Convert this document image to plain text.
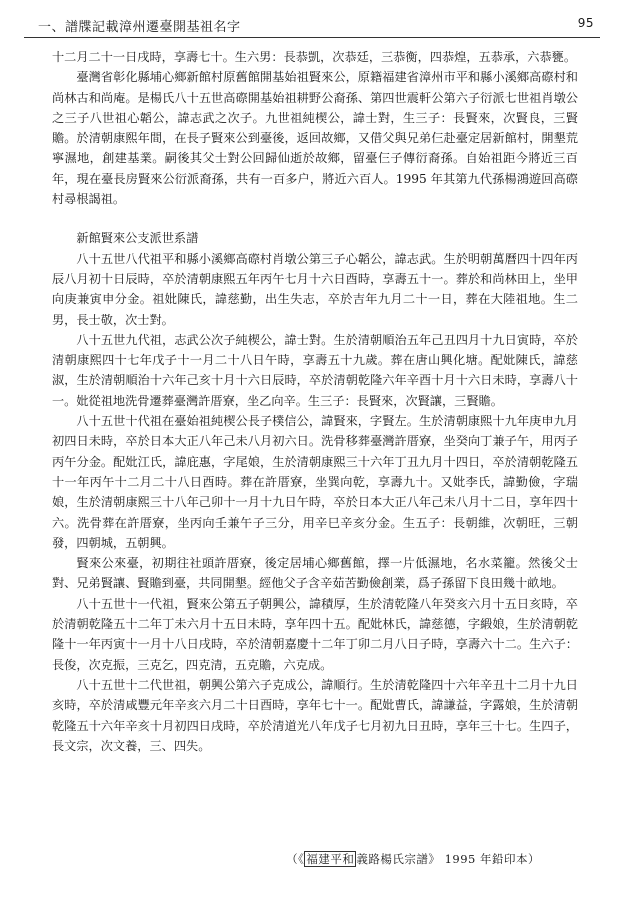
一、譜牒記載漳州遷臺開基祖名字	95

十二月二十一日戌時，享壽七十。生六男：長恭凱，次恭廷，三恭衡，四恭煌，五恭承，六恭甕。

臺灣省彰化縣埔心鄉新館村原舊館開基始祖賢來公，原籍福建省漳州市平和縣小溪鄉高磜村和尚林古和尚庵。是楊氏八十五世高磜開基始祖耕野公裔孫、第四世震軒公第六子衍派七世祖肖墩公之三子八世祖心韜公，諱志武之次子。九世祖純楔公，諱士對，生三子：長賢來，次賢良，三賢贍。於清朝康熙年間，在長子賢來公到臺後，返回故鄉，又借父與兄弟仨赴臺定居新館村，開墾荒寧濕地，創建基業。嗣後其父士對公回歸仙逝於故鄉，留臺仨子傳衍裔孫。自始祖距今將近三百年，現在臺長房賢來公衍派裔孫，共有一百多户，將近六百人。1995 年其第九代孫楊鴻遊回高磜村尋根謁祖。

新館賢來公支派世系譜

八十五世八代祖平和縣小溪鄉高磜村肖墩公第三子心韜公，諱志武。生於明朝萬曆四十四年丙辰八月初十日辰時，卒於清朝康熙五年丙午七月十六日酉時，享壽五十一。葬於和尚林田上，坐甲向庚兼寅申分金。祖妣陳氏，諱慈勤，出生失志，卒於吉年九月二十一日，葬在大陸祖地。生二男，長士敬，次士對。

八十五世九代祖，志武公次子純楔公，諱士對。生於清朝順治五年己丑四月十九日寅時，卒於清朝康熙四十七年戊子十一月二十八日午時，享壽五十九歲。葬在唐山興化塘。配妣陳氏，諱慈淑，生於清朝順治十六年己亥十月十六日辰時，卒於清朝乾隆六年辛酉十月十六日未時，享壽八十一。妣從祖地洗骨遷葬臺灣許厝寮，坐乙向辛。生三子：長賢來，次賢讓，三賢贍。

八十五世十代祖在臺始祖純楔公長子樸信公，諱賢來，字賢左。生於清朝康熙十九年庚申九月初四日未時，卒於日本大正八年己未八月初六日。洗骨移葬臺灣許厝寮，坐癸向丁兼子午，用丙子丙午分金。配妣江氏，諱庇惠，字尾娘，生於清朝康熙三十六年丁丑九月十四日，卒於清朝乾隆五十一年丙午十二月二十八日酉時。葬在許厝寮，坐巽向乾，享壽九十。又妣李氏，諱勤儉，字瑞娘，生於清朝康熙三十八年己卯十一月十九日午時，卒於日本大正八年己未八月十二日，享年四十六。洗骨葬在許厝寮，坐丙向壬兼午子三分，用辛巳辛亥分金。生五子：長朝維，次朝旺，三朝發，四朝城，五朝興。

賢來公來臺，初期往社頭許厝寮，後定居埔心鄉舊館，擇一片低濕地，名水菜籠。然後父士對、兄弟賢讓、賢贍到臺，共同開墾。經他父子含辛茹苦勤儉創業，爲子孫留下良田幾十畝地。

八十五世十一代祖，賢來公第五子朝興公，諱積厚，生於清乾隆八年癸亥六月十五日亥時，卒於清朝乾隆五十二年丁未六月十五日未時，享年四十五。配妣林氏，諱慈德，字緞娘，生於清朝乾隆十一年丙寅十一月十八日戌時，卒於清朝嘉慶十二年丁卯二月八日子時，享壽六十二。生六子：長俊，次克振，三克乞，四克清，五克贍，六克成。

八十五世十二代世祖，朝興公第六子克成公，諱順行。生於清乾隆四十六年辛丑十二月十九日亥時，卒於清咸豐元年辛亥六月二十日酉時，享年七十一。配妣曹氏，諱謙益，字露娘，生於清朝乾隆五十六年辛亥十月初四日戌時，卒於清道光八年戊子七月初九日丑時，享年三十七。生四子，長文宗，次文養，三、四失。

（《 福建平和 義路楊氏宗譜》 1995 年鉛印本）
